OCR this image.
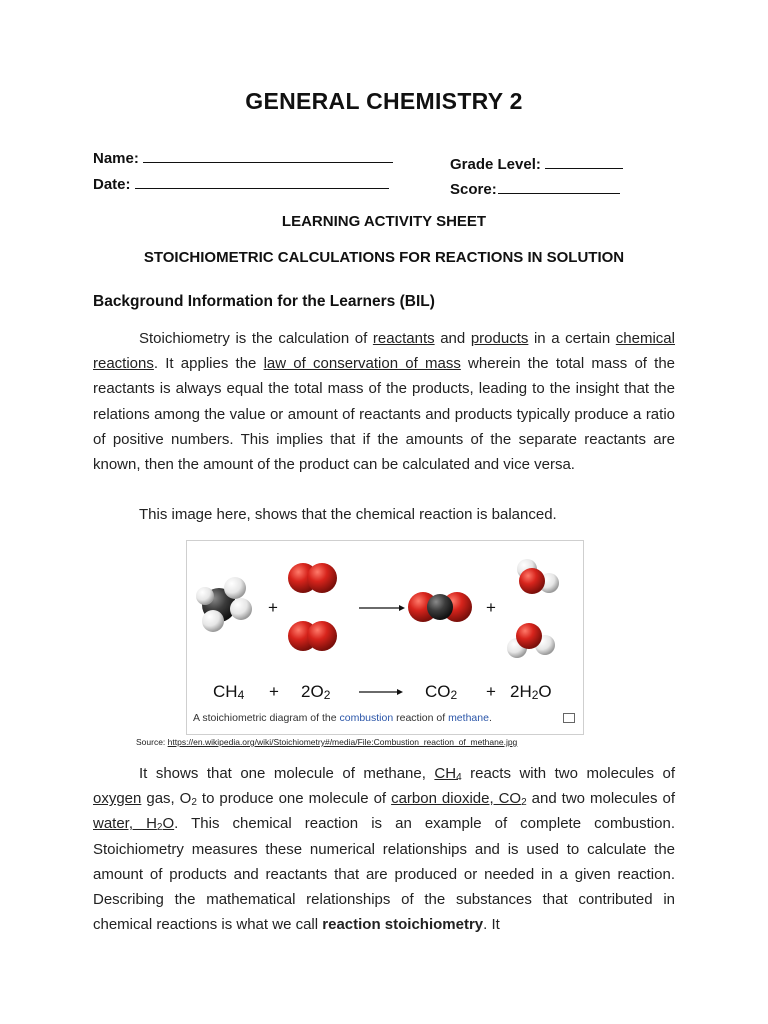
GENERAL CHEMISTRY 2
Name:
Date:
Grade Level:
Score:
LEARNING ACTIVITY SHEET
STOICHIOMETRIC CALCULATIONS FOR REACTIONS IN SOLUTION
Background Information for the Learners (BIL)

Stoichiometry is the calculation of reactants and products in a certain chemical reactions. It applies the law of conservation of mass wherein the total mass of the reactants is always equal the total mass of the products, leading to the insight that the relations among the value or amount of reactants and products typically produce a ratio of positive numbers. This implies that if the amounts of the separate reactants are known, then the amount of the product can be calculated and vice versa.

This image here, shows that the chemical reaction is balanced.

+	+
CH4 + 2O2	CO2 + 2H2O
A stoichiometric diagram of the combustion reaction of methane.
Source: https://en.wikipedia.org/wiki/Stoichiometry#/media/File:Combustion_reaction_of_methane.jpg

It shows that one molecule of methane, $CH_4$ reacts with two molecules of oxygen gas, $O_2$ to produce one molecule of carbon dioxide, $CO_2$ and two molecules of water, $H_2O$. This chemical reaction is an example of complete combustion. Stoichiometry measures these numerical relationships and is used to calculate the amount of products and reactants that are produced or needed in a given reaction. Describing the mathematical relationships of the substances that contributed in chemical reactions is what we call reaction stoichiometry. It
